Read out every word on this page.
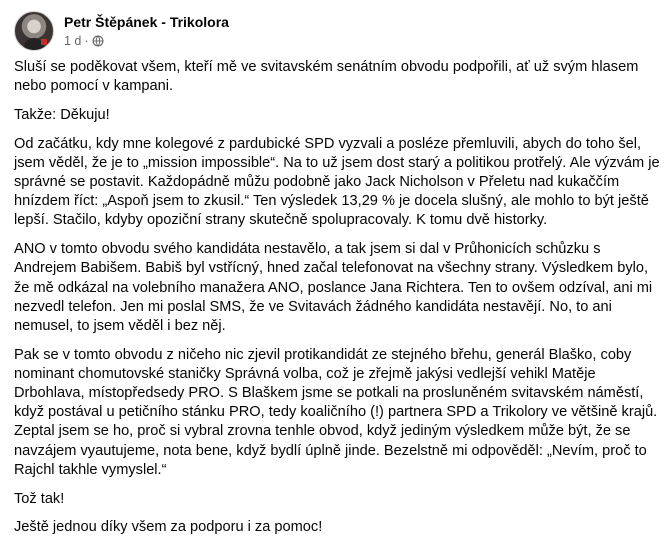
Petr Štěpánek - Trikolora
1 d ·

Sluší se poděkovat všem, kteří mě ve svitavském senátním obvodu podpořili, ať už svým hlasem nebo pomocí v kampani.

Takže: Děkuju!

Od začátku, kdy mne kolegové z pardubické SPD vyzvali a posléze přemluvili, abych do toho šel, jsem věděl, že je to „mission impossible“. Na to už jsem dost starý a politikou protřelý. Ale výzvám je správné se postavit. Každopádně můžu podobně jako Jack Nicholson v Přeletu nad kukaččím hnízdem říct: „Aspoň jsem to zkusil.“ Ten výsledek 13,29 % je docela slušný, ale mohlo to být ještě lepší. Stačilo, kdyby opoziční strany skutečně spolupracovaly. K tomu dvě historky.

ANO v tomto obvodu svého kandidáta nestavělo, a tak jsem si dal v Průhonicích schůzku s Andrejem Babišem. Babiš byl vstřícný, hned začal telefonovat na všechny strany. Výsledkem bylo, že mě odkázal na volebního manažera ANO, poslance Jana Richtera. Ten to ovšem odzíval, ani mi nezvedl telefon. Jen mi poslal SMS, že ve Svitavách žádného kandidáta nestavějí. No, to ani nemusel, to jsem věděl i bez něj.

Pak se v tomto obvodu z ničeho nic zjevil protikandidát ze stejného břehu, generál Blaško, coby nominant chomutovské staničky Správná volba, což je zřejmě jakýsi vedlejší vehikl Matěje Drbohlava, místopředsedy PRO. S Blaškem jsme se potkali na prosluněném svitavském náměstí, když postával u petičního stánku PRO, tedy koaličního (!) partnera SPD a Trikolory ve většině krajů. Zeptal jsem se ho, proč si vybral zrovna tenhle obvod, když jediným výsledkem může být, že se navzájem vyautujeme, nota bene, když bydlí úplně jinde. Bezelstně mi odpověděl: „Nevím, proč to Rajchl takhle vymyslel.“

Tož tak!

Ještě jednou díky všem za podporu i za pomoc!
